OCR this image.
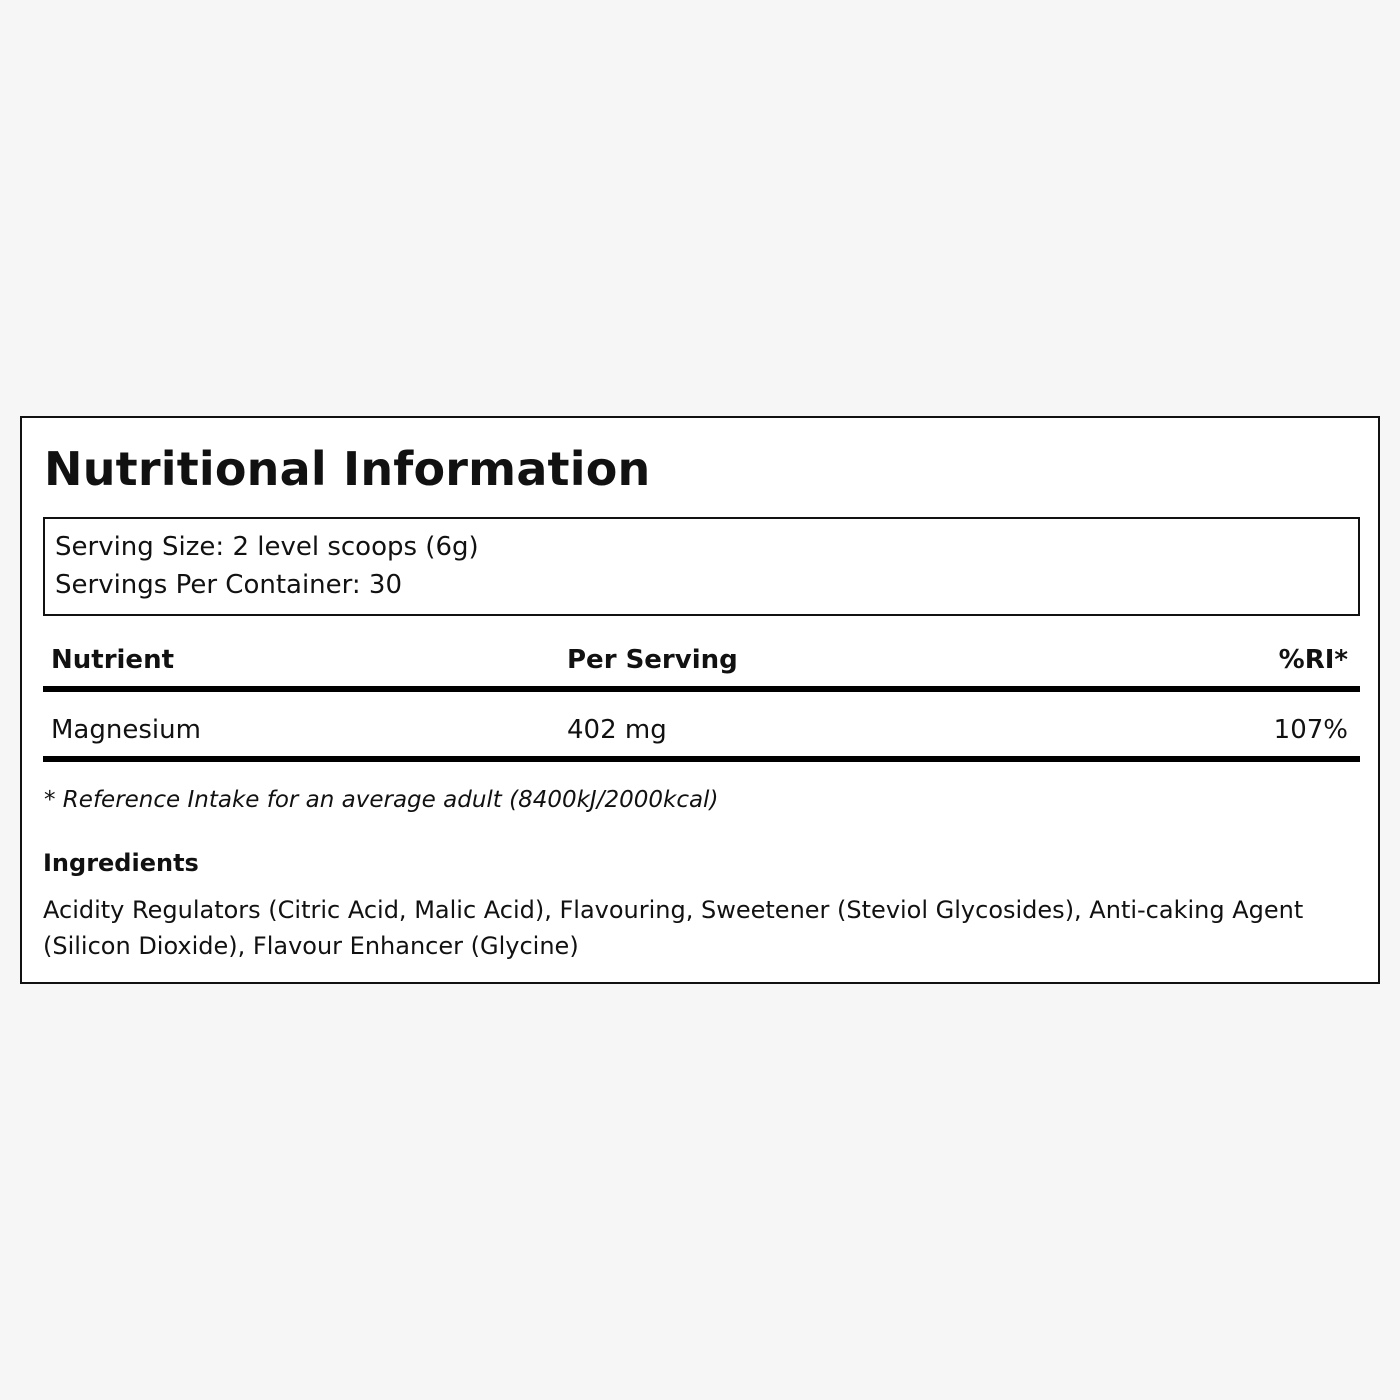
Nutritional Information
Serving Size: 2 level scoops (6g)
Servings Per Container: 30
Nutrient	Per Serving	%RI*
Magnesium	402 mg	107%
* Reference Intake for an average adult (8400kJ/2000kcal)
Ingredients
Acidity Regulators (Citric Acid, Malic Acid), Flavouring, Sweetener (Steviol Glycosides), Anti-caking Agent (Silicon Dioxide), Flavour Enhancer (Glycine)
